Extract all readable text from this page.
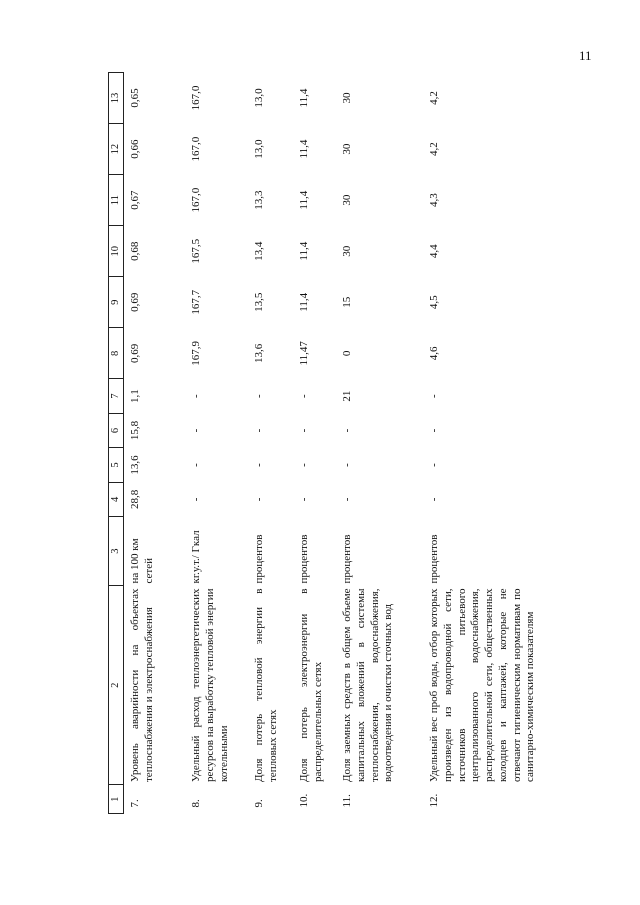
11
1	2	3	4	5	6	7	8	9	10	11	12	13
7.	Уровень аварийности на объектах теплоснабжения и электроснабжения	на 100 км сетей	28,8	13,6	15,8	1,1	0,69	0,69	0,68	0,67	0,66	0,65
8.	Удельный расход теплоэнергетических ресурсов на выработку тепловой энергии котельными	кг.у.т./ Гкал	-	-	-	-	167,9	167,7	167,5	167,0	167,0	167,0
9.	Доля потерь тепловой энергии в тепловых сетях	процентов	-	-	-	-	13,6	13,5	13,4	13,3	13,0	13,0
10.	Доля потерь электроэнергии в распределительных сетях	процентов	-	-	-	-	11,47	11,4	11,4	11,4	11,4	11,4
11.	Доля заемных средств в общем объеме капитальных вложений в системы теплоснабжения, водоснабжения, водоотведения и очистки сточных вод	процентов	-	-	-	21	0	15	30	30	30	30
12.	Удельный вес проб воды, отбор которых произведен из водопроводной сети, источников питьевого централизованного водоснабжения, распределительной сети, общественных колодцев и каптажей, которые не отвечают гигиеническим нормативам по санитарно-химическим показателям	процентов	-	-	-	-	4,6	4,5	4,4	4,3	4,2	4,2
